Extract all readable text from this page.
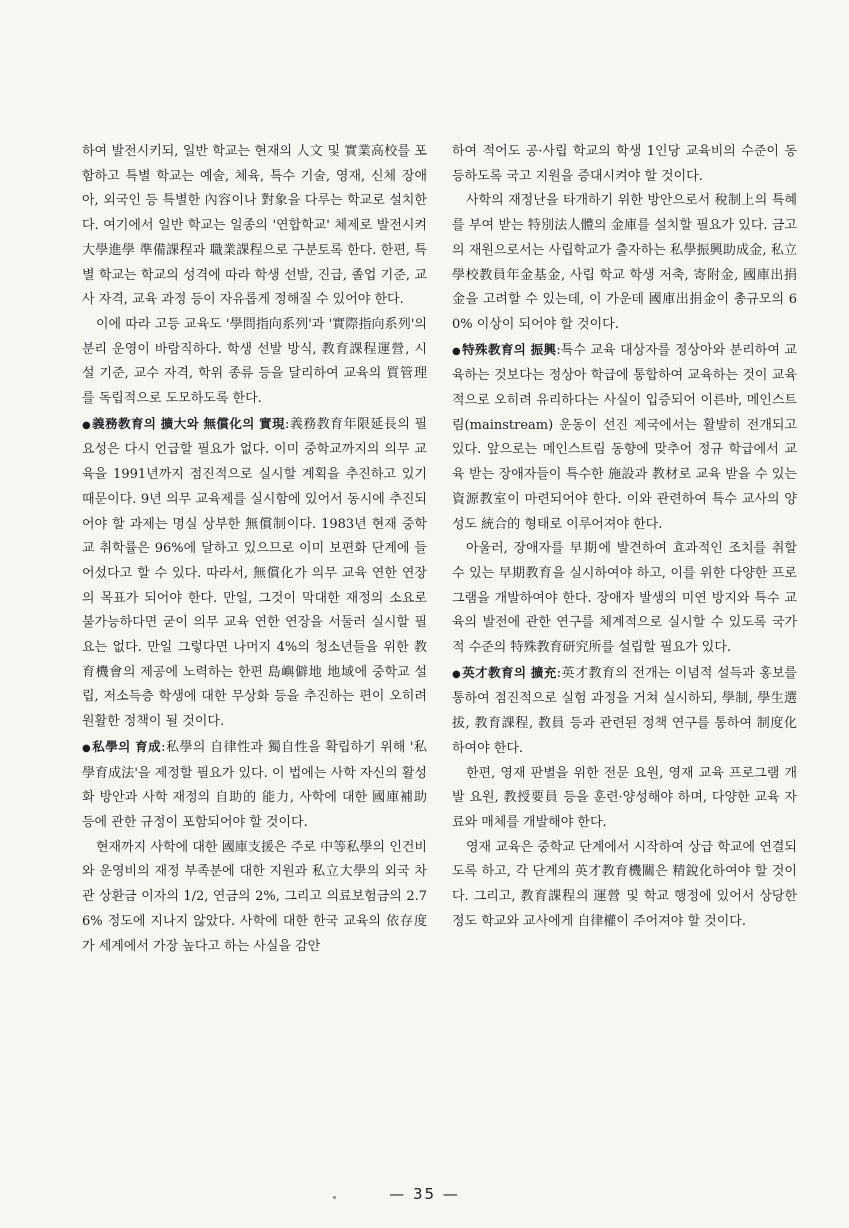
하여 발전시키되, 일반 학교는 현재의 人文 및 實業高校를 포함하고 특별 학교는 예술, 체육, 특수 기술, 영재, 신체 장애아, 외국인 등 특별한 內容이나 對象을 다루는 학교로 설치한다. 여기에서 일반 학교는 일종의 '연합학교' 체제로 발전시켜 大學進學 準備課程과 職業課程으로 구분토록 한다. 한편, 특별 학교는 학교의 성격에 따라 학생 선발, 진급, 졸업 기준, 교사 자격, 교육 과정 등이 자유롭게 정해질 수 있어야 한다.

이에 따라 고등 교육도 '學問指向系列'과 '實際指向系列'의 분리 운영이 바람직하다. 학생 선발 방식, 教育課程運營, 시설 기준, 교수 자격, 학위 종류 등을 달리하여 교육의 質管理를 독립적으로 도모하도록 한다.

●義務教育의 擴大와 無償化의 實現:義務教育年限延長의 필요성은 다시 언급할 필요가 없다. 이미 중학교까지의 의무 교육을 1991년까지 점진적으로 실시할 계획을 추진하고 있기 때문이다. 9년 의무 교육제를 실시함에 있어서 동시에 추진되어야 할 과제는 명실 상부한 無償制이다. 1983년 현재 중학교 취학률은 96%에 달하고 있으므로 이미 보편화 단계에 들어섰다고 할 수 있다. 따라서, 無償化가 의무 교육 연한 연장의 목표가 되어야 한다. 만일, 그것이 막대한 재정의 소요로 불가능하다면 굳이 의무 교육 연한 연장을 서둘러 실시할 필요는 없다. 만일 그렇다면 나머지 4%의 청소년들을 위한 教育機會의 제공에 노력하는 한편 島嶼僻地 地域에 중학교 설립, 저소득층 학생에 대한 무상화 등을 추진하는 편이 오히려 원활한 정책이 될 것이다.

●私學의 育成:私學의 自律性과 獨自性을 확립하기 위해 '私學育成法'을 제정할 필요가 있다. 이 법에는 사학 자신의 활성화 방안과 사학 재정의 自助的 能力, 사학에 대한 國庫補助 등에 관한 규정이 포함되어야 할 것이다.

현재까지 사학에 대한 國庫支援은 주로 中等私學의 인건비와 운영비의 재정 부족분에 대한 지원과 私立大學의 외국 차관 상환금 이자의 1/2, 연금의 2%, 그리고 의료보험금의 2.76% 정도에 지나지 않았다. 사학에 대한 한국 교육의 依存度가 세계에서 가장 높다고 하는 사실을 감안

하여 적어도 공·사립 학교의 학생 1인당 교육비의 수준이 동등하도록 국고 지원을 증대시켜야 할 것이다.

사학의 재정난을 타개하기 위한 방안으로서 稅制上의 특혜를 부여 받는 特別法人體의 金庫를 설치할 필요가 있다. 금고의 재원으로서는 사립학교가 출자하는 私學振興助成金, 私立學校教員年金基金, 사립 학교 학생 저축, 寄附金, 國庫出捐金을 고려할 수 있는데, 이 가운데 國庫出捐金이 총규모의 60% 이상이 되어야 할 것이다.

●特殊教育의 振興:특수 교육 대상자를 정상아와 분리하여 교육하는 것보다는 정상아 학급에 통합하여 교육하는 것이 교육적으로 오히려 유리하다는 사실이 입증되어 이른바, 메인스트림(mainstream) 운동이 선진 제국에서는 활발히 전개되고 있다. 앞으로는 메인스트림 동향에 맞추어 정규 학급에서 교육 받는 장애자들이 특수한 施設과 教材로 교육 받을 수 있는 資源教室이 마련되어야 한다. 이와 관련하여 특수 교사의 양성도 統合的 형태로 이루어져야 한다.

아울러, 장애자를 早期에 발견하여 효과적인 조치를 취할 수 있는 早期教育을 실시하여야 하고, 이를 위한 다양한 프로그램을 개발하여야 한다. 장애자 발생의 미연 방지와 특수 교육의 발전에 관한 연구를 체계적으로 실시할 수 있도록 국가적 수준의 特殊教育研究所를 설립할 필요가 있다.

●英才教育의 擴充:英才教育의 전개는 이념적 설득과 홍보를 통하여 점진적으로 실험 과정을 거쳐 실시하되, 學制, 學生選拔, 教育課程, 教員 등과 관련된 정책 연구를 통하여 制度化하여야 한다.

한편, 영재 판별을 위한 전문 요원, 영재 교육 프로그램 개발 요원, 教授要員 등을 훈련·양성해야 하며, 다양한 교육 자료와 매체를 개발해야 한다.

영재 교육은 중학교 단계에서 시작하여 상급 학교에 연결되도록 하고, 각 단계의 英才教育機關은 精銳化하여야 할 것이다. 그리고, 教育課程의 運營 및 학교 행정에 있어서 상당한 정도 학교와 교사에게 自律權이 주어져야 할 것이다.

— 35 —
